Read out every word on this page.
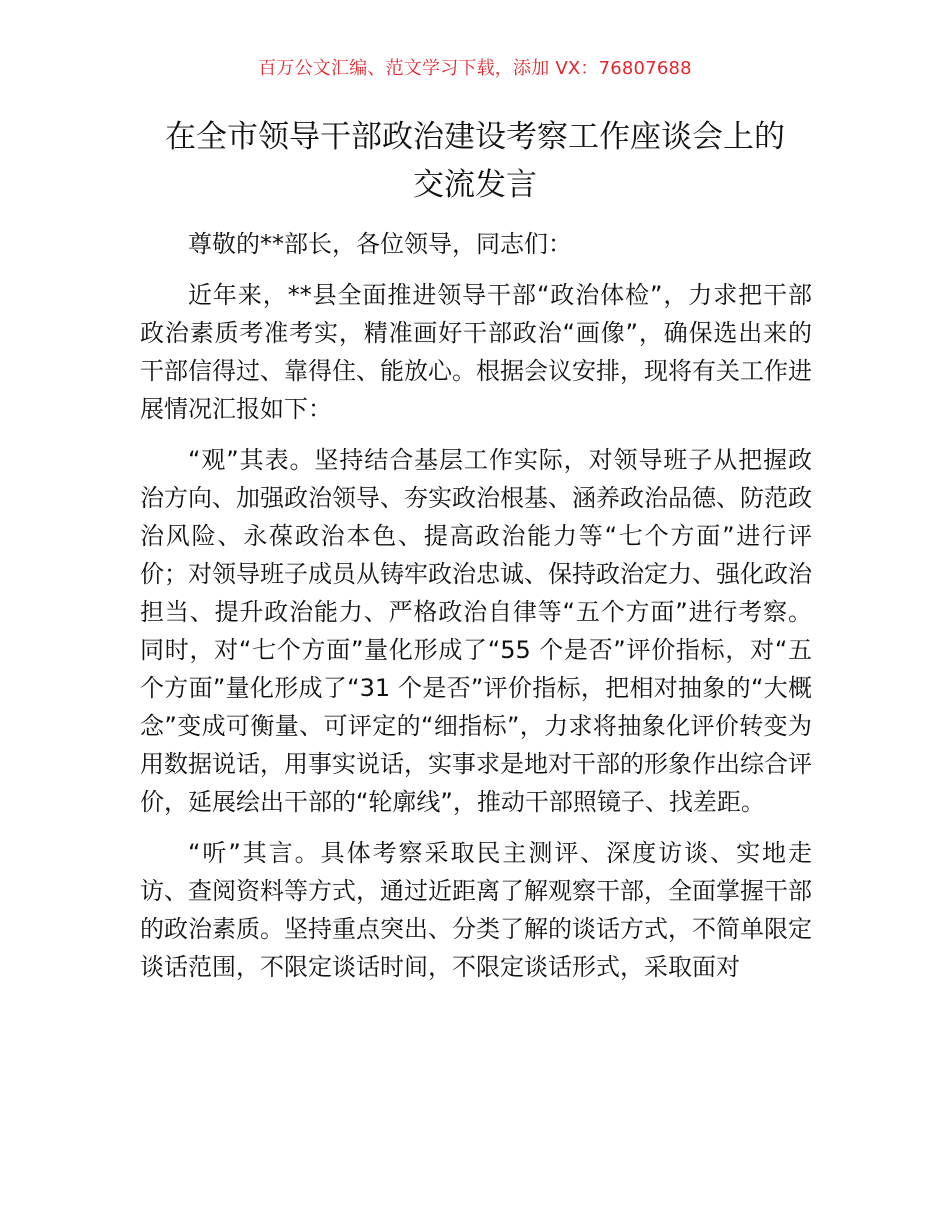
百万公文汇编、范文学习下载，添加 VX：76807688
在全市领导干部政治建设考察工作座谈会上的
交流发言

尊敬的**部长，各位领导，同志们：

近年来，**县全面推进领导干部“政治体检”，力求把干部政治素质考准考实，精准画好干部政治“画像”，确保选出来的干部信得过、靠得住、能放心。根据会议安排，现将有关工作进展情况汇报如下：

“观”其表。坚持结合基层工作实际，对领导班子从把握政治方向、加强政治领导、夯实政治根基、涵养政治品德、防范政治风险、永葆政治本色、提高政治能力等“七个方面”进行评价；对领导班子成员从铸牢政治忠诚、保持政治定力、强化政治担当、提升政治能力、严格政治自律等“五个方面”进行考察。同时，对“七个方面”量化形成了“55 个是否”评价指标，对“五个方面”量化形成了“31 个是否”评价指标，把相对抽象的“大概念”变成可衡量、可评定的“细指标”，力求将抽象化评价转变为用数据说话，用事实说话，实事求是地对干部的形象作出综合评价，延展绘出干部的“轮廓线”，推动干部照镜子、找差距。

“听”其言。具体考察采取民主测评、深度访谈、实地走访、查阅资料等方式，通过近距离了解观察干部，全面掌握干部的政治素质。坚持重点突出、分类了解的谈话方式，不简单限定谈话范围，不限定谈话时间，不限定谈话形式，采取面对
